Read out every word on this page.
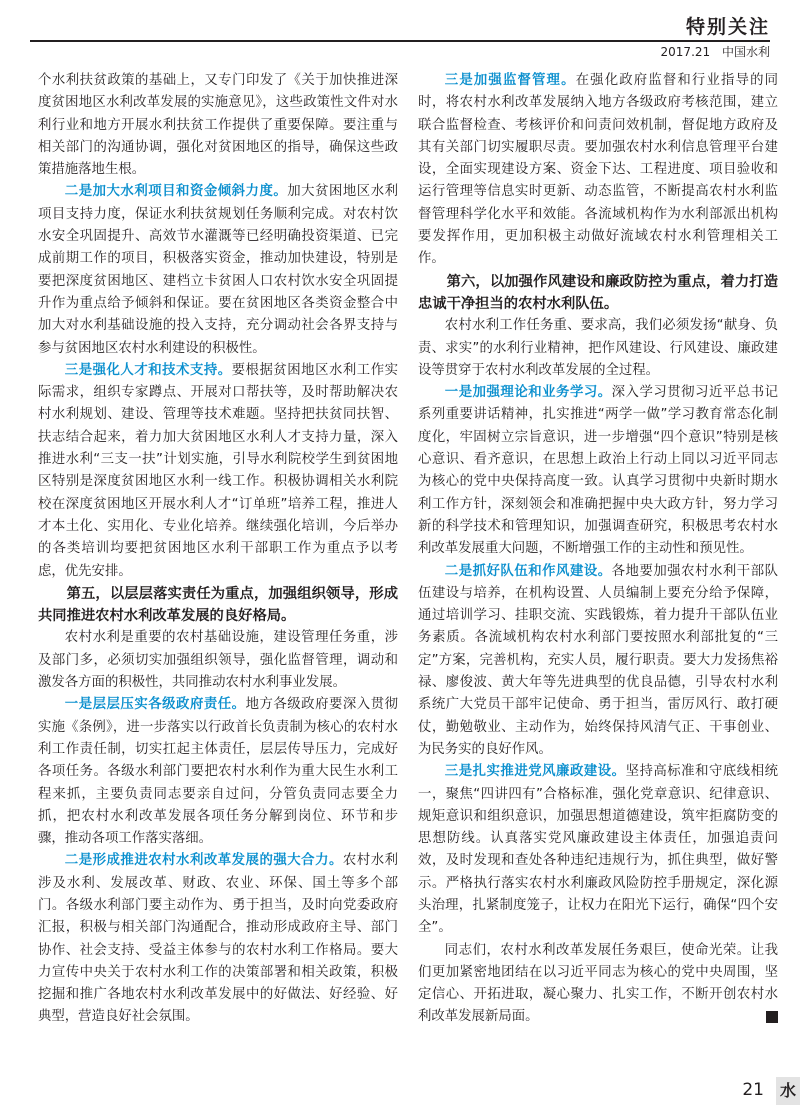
特别关注
2017.21 中国水利

个水利扶贫政策的基础上，又专门印发了《关于加快推进深度贫困地区水利改革发展的实施意见》，这些政策性文件对水利行业和地方开展水利扶贫工作提供了重要保障。要注重与相关部门的沟通协调，强化对贫困地区的指导，确保这些政策措施落地生根。

二是加大水利项目和资金倾斜力度。加大贫困地区水利项目支持力度，保证水利扶贫规划任务顺利完成。对农村饮水安全巩固提升、高效节水灌溉等已经明确投资渠道、已完成前期工作的项目，积极落实资金，推动加快建设，特别是要把深度贫困地区、建档立卡贫困人口农村饮水安全巩固提升作为重点给予倾斜和保证。要在贫困地区各类资金整合中加大对水利基础设施的投入支持，充分调动社会各界支持与参与贫困地区农村水利建设的积极性。

三是强化人才和技术支持。要根据贫困地区水利工作实际需求，组织专家蹲点、开展对口帮扶等，及时帮助解决农村水利规划、建设、管理等技术难题。坚持把扶贫同扶智、扶志结合起来，着力加大贫困地区水利人才支持力量，深入推进水利“三支一扶”计划实施，引导水利院校学生到贫困地区特别是深度贫困地区水利一线工作。积极协调相关水利院校在深度贫困地区开展水利人才“订单班”培养工程，推进人才本土化、实用化、专业化培养。继续强化培训，今后举办的各类培训均要把贫困地区水利干部职工作为重点予以考虑，优先安排。

第五，以层层落实责任为重点，加强组织领导，形成共同推进农村水利改革发展的良好格局。

农村水利是重要的农村基础设施，建设管理任务重，涉及部门多，必须切实加强组织领导，强化监督管理，调动和激发各方面的积极性，共同推动农村水利事业发展。

一是层层压实各级政府责任。地方各级政府要深入贯彻实施《条例》，进一步落实以行政首长负责制为核心的农村水利工作责任制，切实扛起主体责任，层层传导压力，完成好各项任务。各级水利部门要把农村水利作为重大民生水利工程来抓，主要负责同志要亲自过问，分管负责同志要全力抓，把农村水利改革发展各项任务分解到岗位、环节和步骤，推动各项工作落实落细。

二是形成推进农村水利改革发展的强大合力。农村水利涉及水利、发展改革、财政、农业、环保、国土等多个部门。各级水利部门要主动作为、勇于担当，及时向党委政府汇报，积极与相关部门沟通配合，推动形成政府主导、部门协作、社会支持、受益主体参与的农村水利工作格局。要大力宣传中央关于农村水利工作的决策部署和相关政策，积极挖掘和推广各地农村水利改革发展中的好做法、好经验、好典型，营造良好社会氛围。

三是加强监督管理。在强化政府监督和行业指导的同时，将农村水利改革发展纳入地方各级政府考核范围，建立联合监督检查、考核评价和问责问效机制，督促地方政府及其有关部门切实履职尽责。要加强农村水利信息管理平台建设，全面实现建设方案、资金下达、工程进度、项目验收和运行管理等信息实时更新、动态监管，不断提高农村水利监督管理科学化水平和效能。各流域机构作为水利部派出机构要发挥作用，更加积极主动做好流域农村水利管理相关工作。

第六，以加强作风建设和廉政防控为重点，着力打造忠诚干净担当的农村水利队伍。

农村水利工作任务重、要求高，我们必须发扬“献身、负责、求实”的水利行业精神，把作风建设、行风建设、廉政建设等贯穿于农村水利改革发展的全过程。

一是加强理论和业务学习。深入学习贯彻习近平总书记系列重要讲话精神，扎实推进“两学一做”学习教育常态化制度化，牢固树立宗旨意识，进一步增强“四个意识”特别是核心意识、看齐意识，在思想上政治上行动上同以习近平同志为核心的党中央保持高度一致。认真学习贯彻中央新时期水利工作方针，深刻领会和准确把握中央大政方针，努力学习新的科学技术和管理知识，加强调查研究，积极思考农村水利改革发展重大问题，不断增强工作的主动性和预见性。

二是抓好队伍和作风建设。各地要加强农村水利干部队伍建设与培养，在机构设置、人员编制上要充分给予保障，通过培训学习、挂职交流、实践锻炼，着力提升干部队伍业务素质。各流域机构农村水利部门要按照水利部批复的“三定”方案，完善机构，充实人员，履行职责。要大力发扬焦裕禄、廖俊波、黄大年等先进典型的优良品德，引导农村水利系统广大党员干部牢记使命、勇于担当，雷厉风行、敢打硬仗，勤勉敬业、主动作为，始终保持风清气正、干事创业、为民务实的良好作风。

三是扎实推进党风廉政建设。坚持高标准和守底线相统一，聚焦“四讲四有”合格标准，强化党章意识、纪律意识、规矩意识和组织意识，加强思想道德建设，筑牢拒腐防变的思想防线。认真落实党风廉政建设主体责任，加强追责问效，及时发现和查处各种违纪违规行为，抓住典型，做好警示。严格执行落实农村水利廉政风险防控手册规定，深化源头治理，扎紧制度笼子，让权力在阳光下运行，确保“四个安全”。

同志们，农村水利改革发展任务艰巨，使命光荣。让我们更加紧密地团结在以习近平同志为核心的党中央周围，坚定信心、开拓进取，凝心聚力、扎实工作，不断开创农村水利改革发展新局面。

21 水
